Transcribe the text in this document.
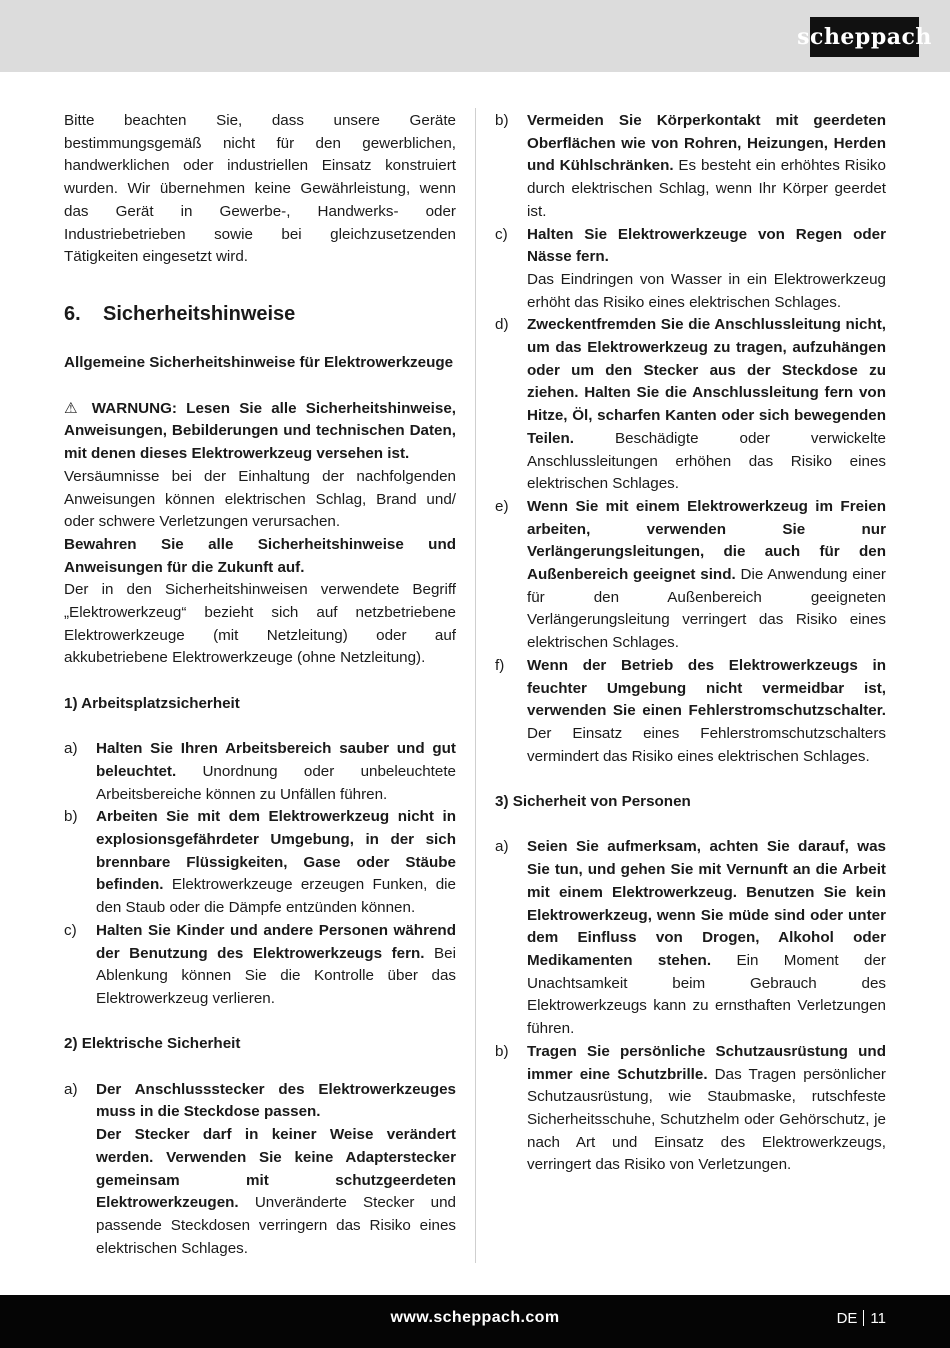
scheppach

Bitte beachten Sie, dass unsere Geräte bestimmungsgemäß nicht für den gewerblichen, handwerklichen oder industriellen Einsatz konstruiert wurden. Wir übernehmen keine Gewährleistung, wenn das Gerät in Gewerbe-, Handwerks- oder Industriebetrieben sowie bei gleichzusetzenden Tätigkeiten eingesetzt wird.

6.	Sicherheitshinweise

Allgemeine Sicherheitshinweise für Elektrowerkzeuge

⚠ WARNUNG: Lesen Sie alle Sicherheitshinweise, Anweisungen, Bebilderungen und technischen Daten, mit denen dieses Elektrowerkzeug versehen ist.

Versäumnisse bei der Einhaltung der nachfolgenden Anweisungen können elektrischen Schlag, Brand und/ oder schwere Verletzungen verursachen.

Bewahren Sie alle Sicherheitshinweise und Anweisungen für die Zukunft auf.

Der in den Sicherheitshinweisen verwendete Begriff „Elektrowerkzeug“ bezieht sich auf netzbetriebene Elektrowerkzeuge (mit Netzleitung) oder auf akkubetriebene Elektrowerkzeuge (ohne Netzleitung).

1) Arbeitsplatzsicherheit

a)	Halten Sie Ihren Arbeitsbereich sauber und gut beleuchtet. Unordnung oder unbeleuchtete Arbeitsbereiche können zu Unfällen führen.
b)	Arbeiten Sie mit dem Elektrowerkzeug nicht in explosionsgefährdeter Umgebung, in der sich brennbare Flüssigkeiten, Gase oder Stäube befinden. Elektrowerkzeuge erzeugen Funken, die den Staub oder die Dämpfe entzünden können.
c)	Halten Sie Kinder und andere Personen während der Benutzung des Elektrowerkzeugs fern. Bei Ablenkung können Sie die Kontrolle über das Elektrowerkzeug verlieren.

2) Elektrische Sicherheit

a)	Der Anschlussstecker des Elektrowerkzeuges muss in die Steckdose passen.
Der Stecker darf in keiner Weise verändert werden. Verwenden Sie keine Adapterstecker gemeinsam mit schutzgeerdeten Elektrowerkzeugen. Unveränderte Stecker und passende Steckdosen verringern das Risiko eines elektrischen Schlages.
b)	Vermeiden Sie Körperkontakt mit geerdeten Oberflächen wie von Rohren, Heizungen, Herden und Kühlschränken. Es besteht ein erhöhtes Risiko durch elektrischen Schlag, wenn Ihr Körper geerdet ist.
c)	Halten Sie Elektrowerkzeuge von Regen oder Nässe fern.
Das Eindringen von Wasser in ein Elektrowerkzeug erhöht das Risiko eines elektrischen Schlages.
d)	Zweckentfremden Sie die Anschlussleitung nicht, um das Elektrowerkzeug zu tragen, aufzuhängen oder um den Stecker aus der Steckdose zu ziehen. Halten Sie die Anschlussleitung fern von Hitze, Öl, scharfen Kanten oder sich bewegenden Teilen. Beschädigte oder verwickelte Anschlussleitungen erhöhen das Risiko eines elektrischen Schlages.
e)	Wenn Sie mit einem Elektrowerkzeug im Freien arbeiten, verwenden Sie nur Verlängerungsleitungen, die auch für den Außenbereich geeignet sind. Die Anwendung einer für den Außenbereich geeigneten Verlängerungsleitung verringert das Risiko eines elektrischen Schlages.
f)	Wenn der Betrieb des Elektrowerkzeugs in feuchter Umgebung nicht vermeidbar ist, verwenden Sie einen Fehlerstromschutzschalter. Der Einsatz eines Fehlerstromschutzschalters vermindert das Risiko eines elektrischen Schlages.

3) Sicherheit von Personen

a)	Seien Sie aufmerksam, achten Sie darauf, was Sie tun, und gehen Sie mit Vernunft an die Arbeit mit einem Elektrowerkzeug. Benutzen Sie kein Elektrowerkzeug, wenn Sie müde sind oder unter dem Einfluss von Drogen, Alkohol oder Medikamenten stehen. Ein Moment der Unachtsamkeit beim Gebrauch des Elektrowerkzeugs kann zu ernsthaften Verletzungen führen.
b)	Tragen Sie persönliche Schutzausrüstung und immer eine Schutzbrille. Das Tragen persönlicher Schutzausrüstung, wie Staubmaske, rutschfeste Sicherheitsschuhe, Schutzhelm oder Gehörschutz, je nach Art und Einsatz des Elektrowerkzeugs, verringert das Risiko von Verletzungen.
www.scheppach.com	DE 11
